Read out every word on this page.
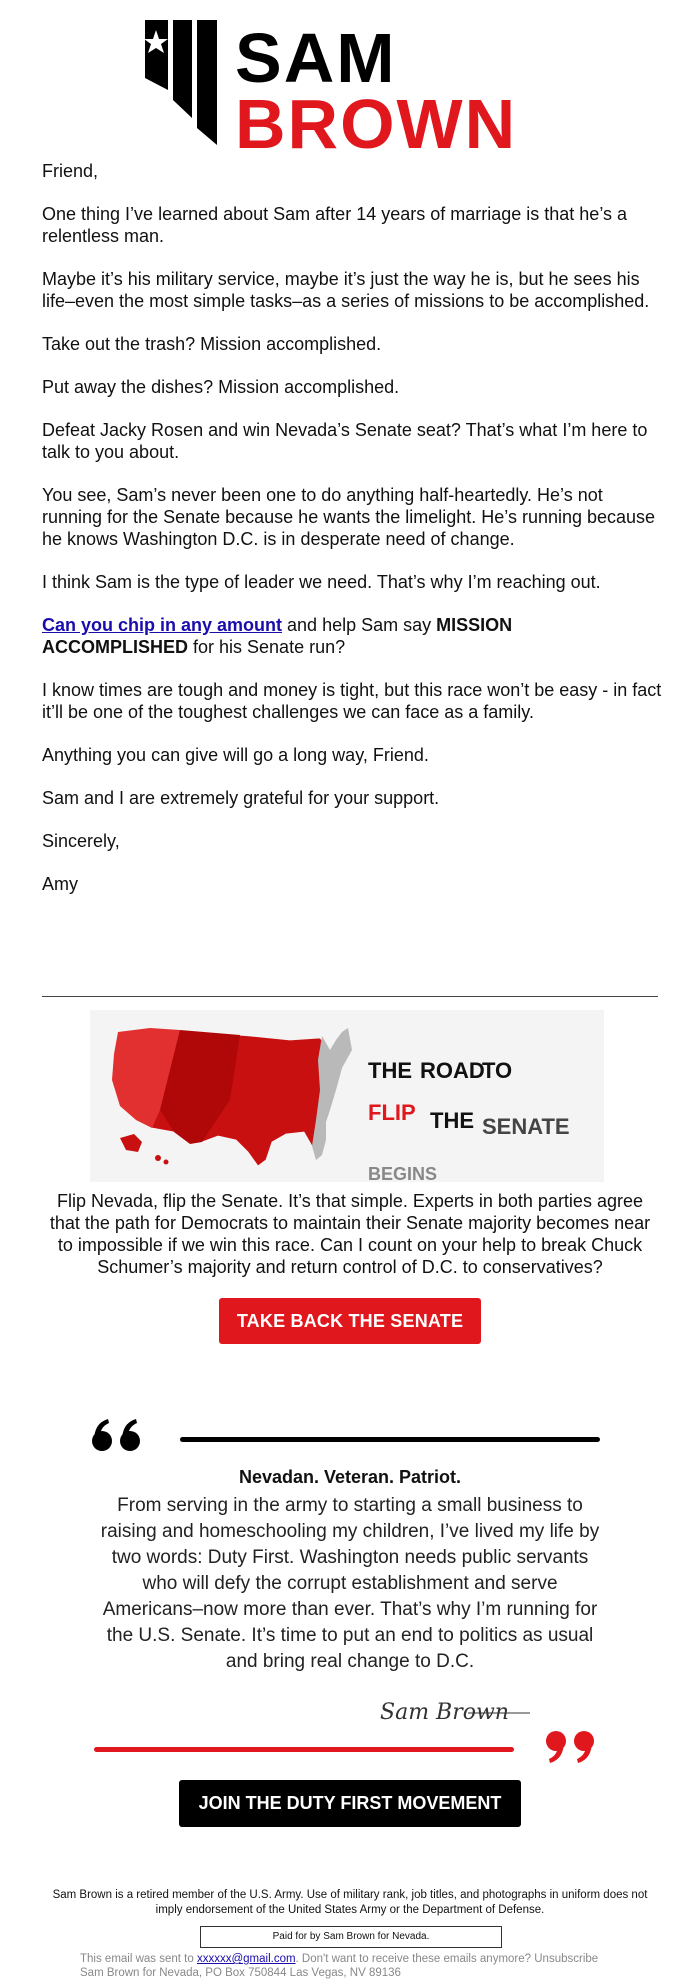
SAM
BROWN

Friend,

One thing I’ve learned about Sam after 14 years of marriage is that he’s a relentless man.

Maybe it’s his military service, maybe it’s just the way he is, but he sees his life–even the most simple tasks–as a series of missions to be accomplished.

Take out the trash? Mission accomplished.

Put away the dishes? Mission accomplished.

Defeat Jacky Rosen and win Nevada’s Senate seat? That’s what I’m here to talk to you about.

You see, Sam’s never been one to do anything half-heartedly. He’s not running for the Senate because he wants the limelight. He’s running because he knows Washington D.C. is in desperate need of change.

I think Sam is the type of leader we need. That’s why I’m reaching out.

Can you chip in any amount and help Sam say MISSION ACCOMPLISHED for his Senate run?

I know times are tough and money is tight, but this race won’t be easy - in fact it’ll be one of the toughest challenges we can face as a family.

Anything you can give will go a long way, Friend.

Sam and I are extremely grateful for your support.

Sincerely,

Amy

THE ROAD
TO
FLIP THE SENATE
BEGINS
Flip Nevada, flip the Senate. It’s that simple. Experts in both parties agree that the path for Democrats to maintain their Senate majority becomes near to impossible if we win this race. Can I count on your help to break Chuck Schumer’s majority and return control of D.C. to conservatives?
TAKE BACK THE SENATE
Nevadan. Veteran. Patriot.
From serving in the army to starting a small business to raising and homeschooling my children, I’ve lived my life by two words: Duty First. Washington needs public servants who will defy the corrupt establishment and serve Americans–now more than ever. That’s why I’m running for the U.S. Senate. It’s time to put an end to politics as usual and bring real change to D.C.
Sam Brown
JOIN THE DUTY FIRST MOVEMENT
Sam Brown is a retired member of the U.S. Army. Use of military rank, job titles, and photographs in uniform does not imply endorsement of the United States Army or the Department of Defense.
Paid for by Sam Brown for Nevada.
This email was sent to xxxxxx@gmail.com. Don't want to receive these emails anymore? Unsubscribe
Sam Brown for Nevada, PO Box 750844 Las Vegas, NV 89136
